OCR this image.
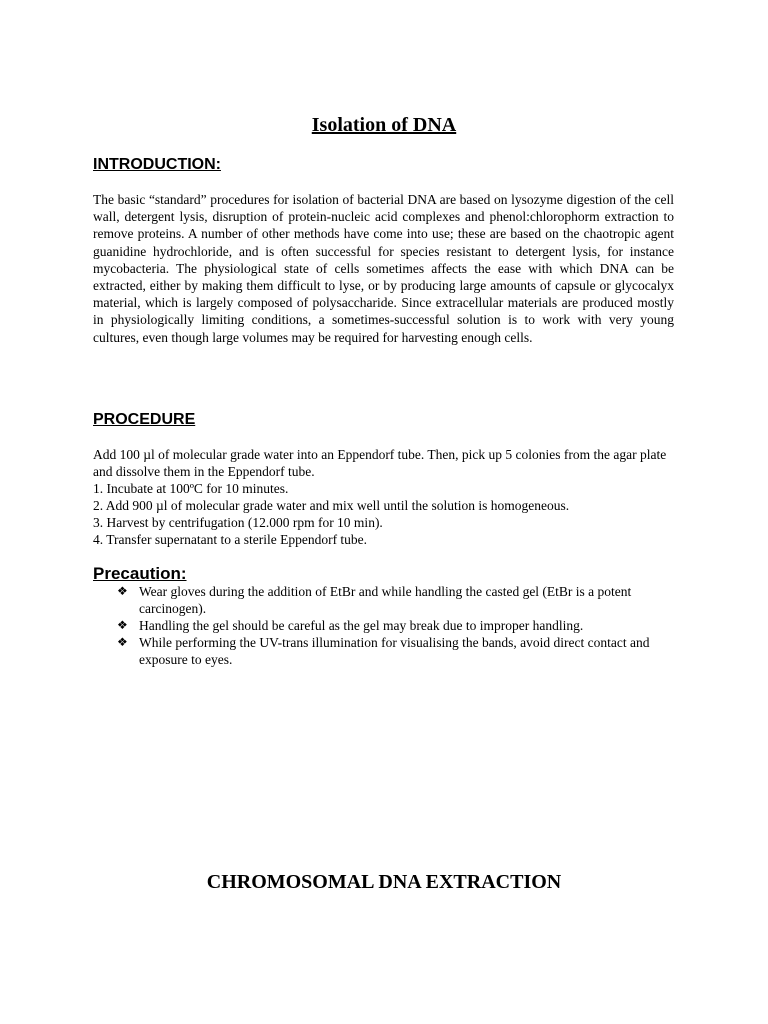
Isolation of DNA
INTRODUCTION:
The basic “standard” procedures for isolation of bacterial DNA are based on lysozyme digestion of the cell wall, detergent lysis, disruption of protein-nucleic acid complexes and phenol:chlorophorm extraction to remove proteins. A number of other methods have come into use; these are based on the chaotropic agent guanidine hydrochloride, and is often successful for species resistant to detergent lysis, for instance mycobacteria. The physiological state of cells sometimes affects the ease with which DNA can be extracted, either by making them difficult to lyse, or by producing large amounts of capsule or glycocalyx material, which is largely composed of polysaccharide. Since extracellular materials are produced mostly in physiologically limiting conditions, a sometimes-successful solution is to work with very young cultures, even though large volumes may be required for harvesting enough cells.
PROCEDURE
Add 100 µl of molecular grade water into an Eppendorf tube. Then, pick up 5 colonies from the agar plate and dissolve them in the Eppendorf tube.
1. Incubate at 100ºC for 10 minutes.
2. Add 900 µl of molecular grade water and mix well until the solution is homogeneous.
3. Harvest by centrifugation (12.000 rpm for 10 min).
4. Transfer supernatant to a sterile Eppendorf tube.
Precaution:
❖ Wear gloves during the addition of EtBr and while handling the casted gel (EtBr is a potent carcinogen).
❖ Handling the gel should be careful as the gel may break due to improper handling.
❖ While performing the UV-trans illumination for visualising the bands, avoid direct contact and exposure to eyes.
CHROMOSOMAL DNA EXTRACTION
